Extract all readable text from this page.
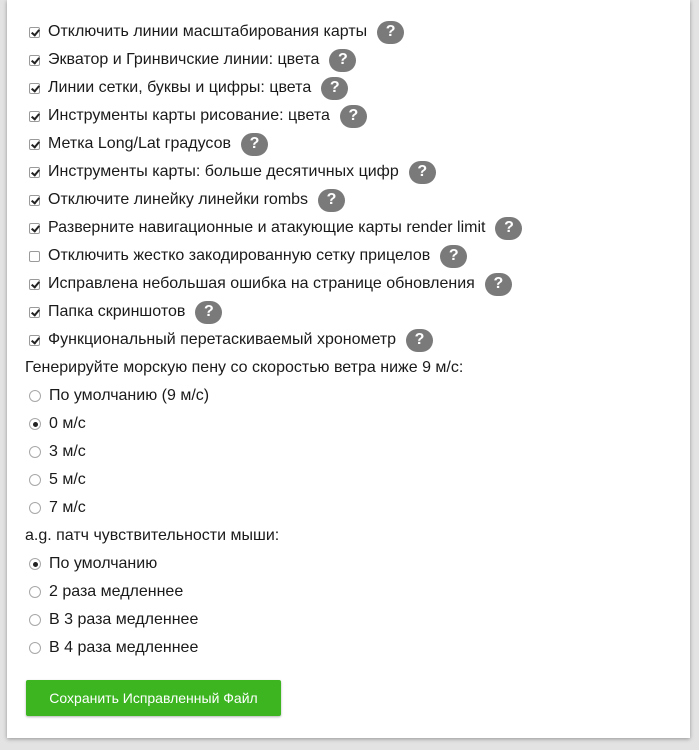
Отключить линии масштабирования карты	?
Экватор и Гринвичские линии: цвета	?
Линии сетки, буквы и цифры: цвета	?
Инструменты карты рисование: цвета	?
Метка Long/Lat градусов	?
Инструменты карты: больше десятичных цифр	?
Отключите линейку линейки rombs	?
Разверните навигационные и атакующие карты render limit	?
Отключить жестко закодированную сетку прицелов	?
Исправлена небольшая ошибка на странице обновления	?
Папка скриншотов	?
Функциональный перетаскиваемый хронометр	?
Генерируйте морскую пену со скоростью ветра ниже 9 м/с:
По умолчанию (9 м/с)
0 м/с
3 м/с
5 м/с
7 м/с
a.g. патч чувствительности мыши:
По умолчанию
2 раза медленнее
В 3 раза медленнее
В 4 раза медленнее
Сохранить Исправленный Файл
